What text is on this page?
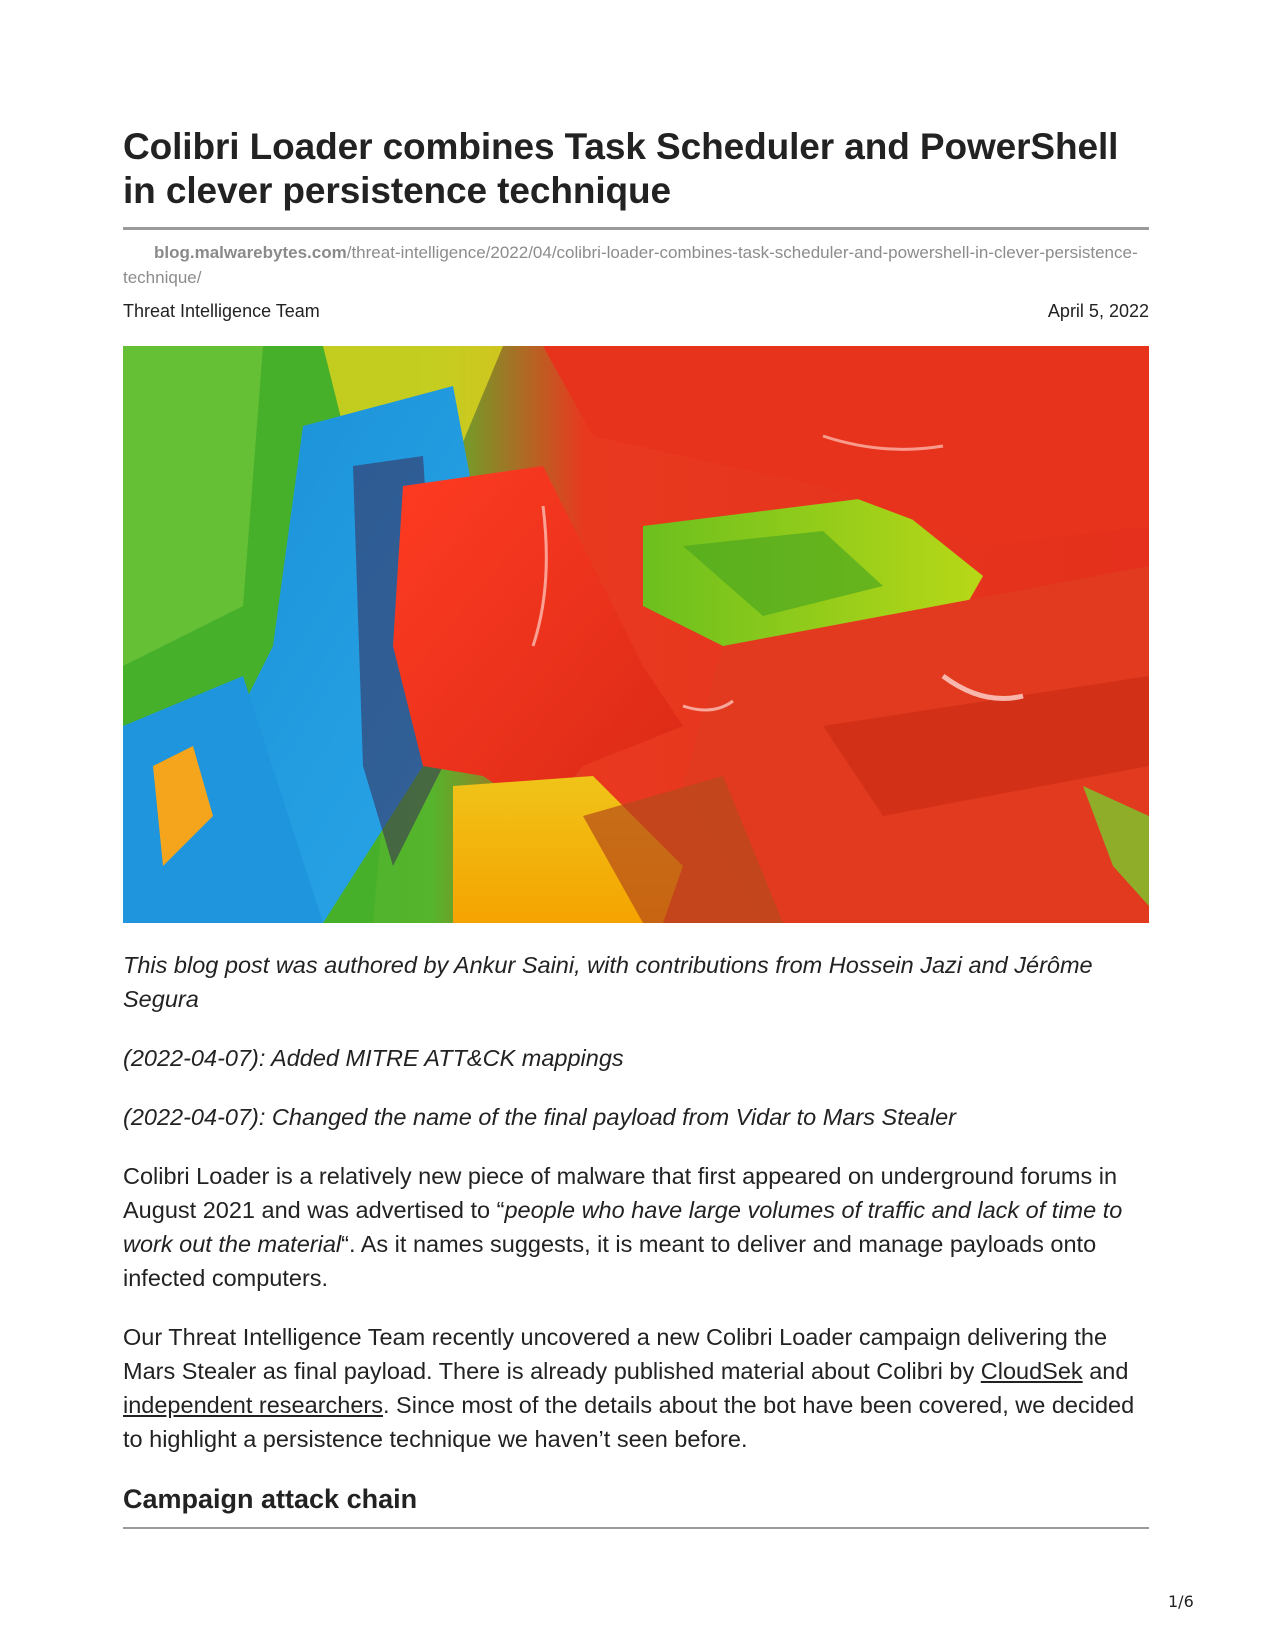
Colibri Loader combines Task Scheduler and PowerShell in clever persistence technique
blog.malwarebytes.com/threat-intelligence/2022/04/colibri-loader-combines-task-scheduler-and-powershell-in-clever-persistence-technique/
Threat Intelligence Team	April 5, 2022

This blog post was authored by Ankur Saini, with contributions from Hossein Jazi and Jérôme Segura

(2022-04-07): Added MITRE ATT&CK mappings

(2022-04-07): Changed the name of the final payload from Vidar to Mars Stealer

Colibri Loader is a relatively new piece of malware that first appeared on underground forums in August 2021 and was advertised to “people who have large volumes of traffic and lack of time to work out the material“. As it names suggests, it is meant to deliver and manage payloads onto infected computers.

Our Threat Intelligence Team recently uncovered a new Colibri Loader campaign delivering the Mars Stealer as final payload. There is already published material about Colibri by CloudSek and independent researchers. Since most of the details about the bot have been covered, we decided to highlight a persistence technique we haven’t seen before.

Campaign attack chain
1/6
